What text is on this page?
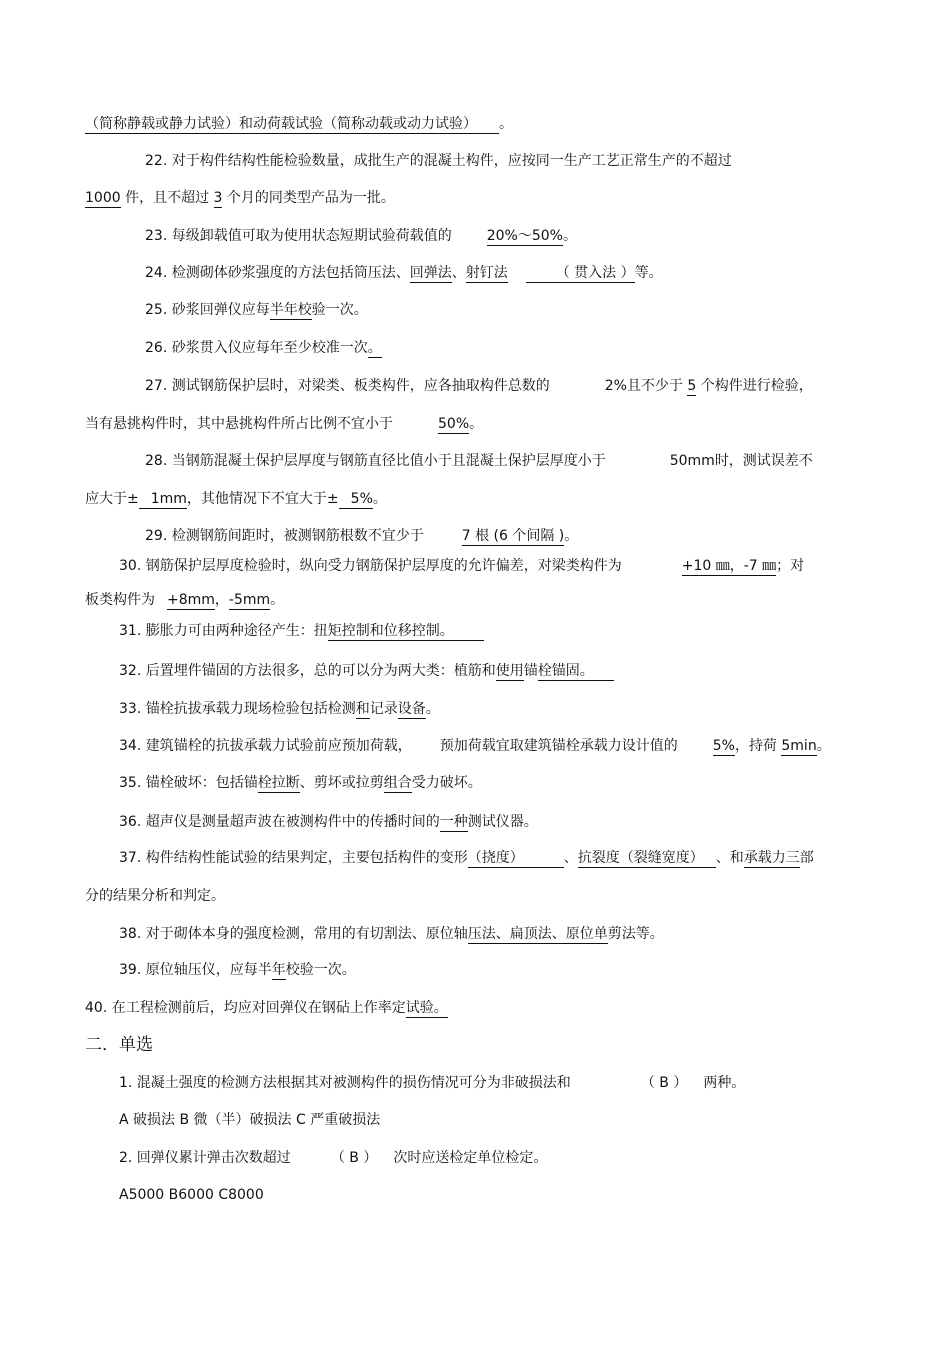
（简称静载或静力试验）和动荷载试验（简称动载或动力试验） 。
22. 对于构件结构性能检验数量，成批生产的混凝土构件，应按同一生产工艺正常生产的不超过
1000 件，且不超过 3 个月的同类型产品为一批。
23. 每级卸载值可取为使用状态短期试验荷载值的	20%～50%。
24. 检测砌体砂浆强度的方法包括筒压法、回弹法、射钉法	（ 贯入法 ）等。
25. 砂浆回弹仪应每半年校验一次。
26. 砂浆贯入仪应每年至少校准一次。
27. 测试钢筋保护层时，对梁类、板类构件，应各抽取构件总数的	2%且不少于 5 个构件进行检验，
当有悬挑构件时，其中悬挑构件所占比例不宜小于	50%。
28. 当钢筋混凝土保护层厚度与钢筋直径比值小于且混凝土保护层厚度小于	50mm时，测试误差不
应大于± 1mm，其他情况下不宜大于± 5%。
29. 检测钢筋间距时，被测钢筋根数不宜少于	7 根 (6 个间隔 )。
30. 钢筋保护层厚度检验时，纵向受力钢筋保护层厚度的允许偏差，对梁类构件为	+10 ㎜，-7 ㎜；对
板类构件为 +8mm，-5mm。
31. 膨胀力可由两种途径产生：扭矩控制和位移控制。
32. 后置埋件锚固的方法很多，总的可以分为两大类：植筋和使用锚栓锚固。
33. 锚栓抗拔承载力现场检验包括检测和记录设备。
34. 建筑锚栓的抗拔承载力试验前应预加荷载， 预加荷载宜取建筑锚栓承载力设计值的	5%，持荷 5min。
35. 锚栓破坏：包括锚栓拉断、剪坏或拉剪组合受力破坏。
36. 超声仪是测量超声波在被测构件中的传播时间的一种测试仪器。
37. 构件结构性能试验的结果判定，主要包括构件的变形（挠度）	、抗裂度（裂缝宽度） 、和承载力三部
分的结果分析和判定。
38. 对于砌体本身的强度检测，常用的有切割法、原位轴压法、扁顶法、原位单剪法等。
39. 原位轴压仪，应每半年校验一次。
40. 在工程检测前后，均应对回弹仪在钢砧上作率定试验。
二．单选
1. 混凝土强度的检测方法根据其对被测构件的损伤情况可分为非破损法和	（ B ） 两种。
A 破损法 B 微（半）破损法 C 严重破损法
2. 回弹仪累计弹击次数超过	（ B ） 次时应送检定单位检定。
A5000 B6000 C8000
